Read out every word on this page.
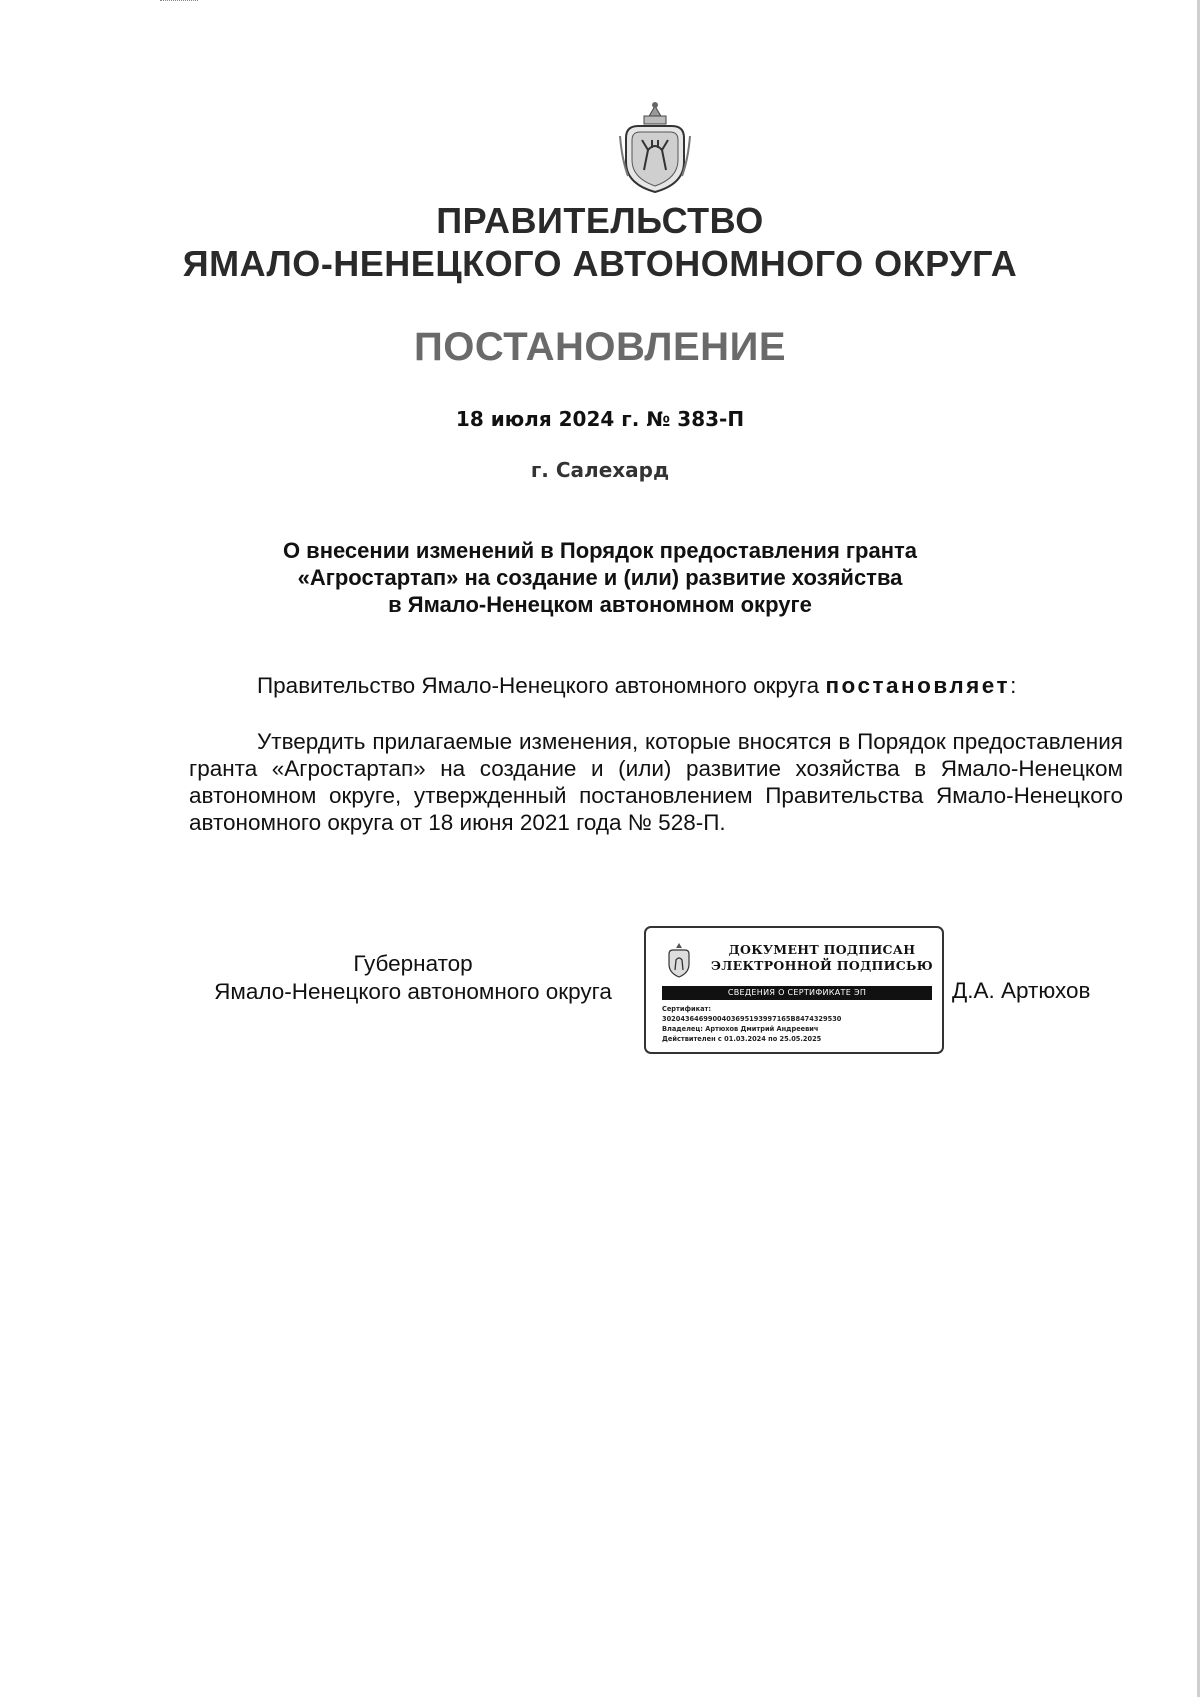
ПРАВИТЕЛЬСТВО
ЯМАЛО-НЕНЕЦКОГО АВТОНОМНОГО ОКРУГА
ПОСТАНОВЛЕНИЕ
18 июля 2024 г. № 383-П
г. Салехард
О внесении изменений в Порядок предоставления гранта
«Агростартап» на создание и (или) развитие хозяйства
в Ямало-Ненецком автономном округе
Правительство Ямало-Ненецкого автономного округа постановляет:
Утвердить прилагаемые изменения, которые вносятся в Порядок предоставления гранта «Агростартап» на создание и (или) развитие хозяйства в Ямало-Ненецком автономном округе, утвержденный постановлением Правительства Ямало-Ненецкого автономного округа от 18 июня 2021 года № 528-П.
Губернатор
Ямало-Ненецкого автономного округа
ДОКУМЕНТ ПОДПИСАН
ЭЛЕКТРОННОЙ ПОДПИСЬЮ
СВЕДЕНИЯ О СЕРТИФИКАТЕ ЭП
Сертификат:
3020436469900403695193997165B8474329530
Владелец: Артюхов Дмитрий Андреевич
Действителен с 01.03.2024 по 25.05.2025
Д.А. Артюхов
